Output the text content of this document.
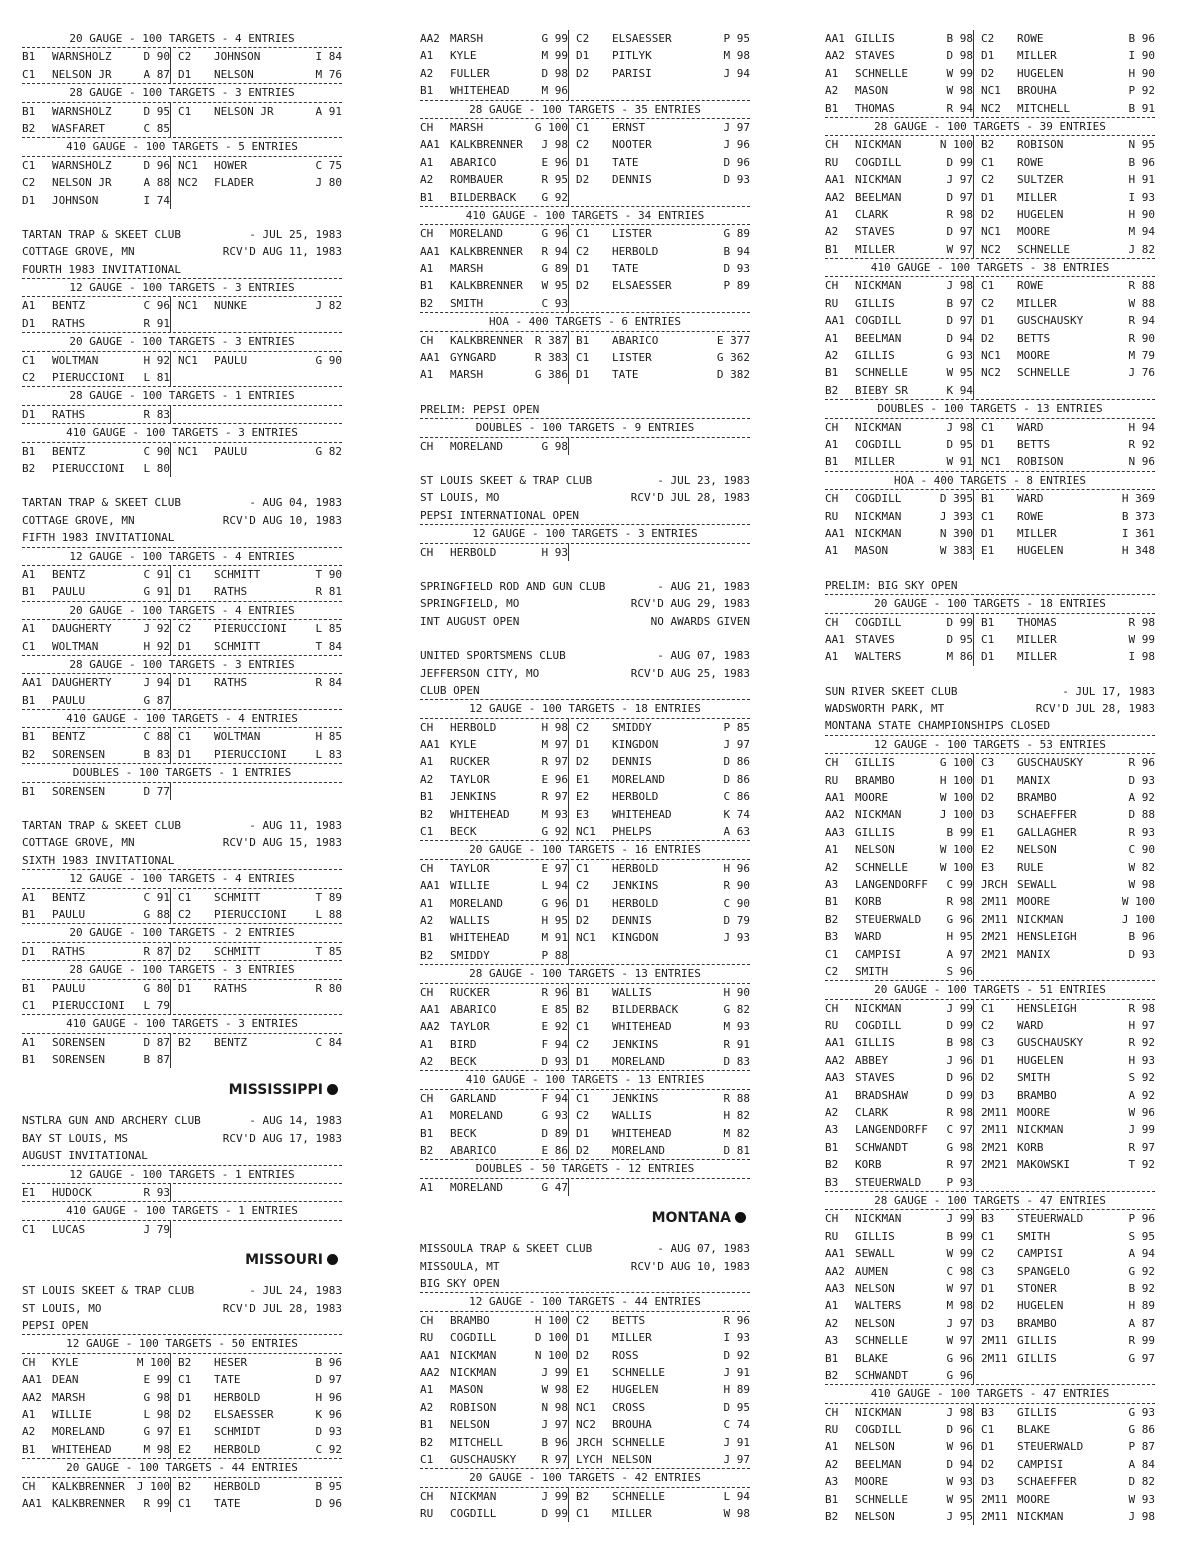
20 GAUGE - 100 TARGETS - 4 ENTRIES
B1 WARNSHOLZ	D 90 C2 JOHNSON	I 84
C1 NELSON JR	A 87 D1 NELSON	M 76
28 GAUGE - 100 TARGETS - 3 ENTRIES
B1 WARNSHOLZ	D 95 C1 NELSON JR	A 91
B2 WASFARET	C 85
410 GAUGE - 100 TARGETS - 5 ENTRIES
C1 WARNSHOLZ	D 96 NC1 HOWER	C 75
C2 NELSON JR	A 88 NC2 FLADER	J 80
D1 JOHNSON	I 74
TARTAN TRAP & SKEET CLUB	- JUL 25, 1983
COTTAGE GROVE, MN	RCV'D AUG 11, 1983
FOURTH 1983 INVITATIONAL
12 GAUGE - 100 TARGETS - 3 ENTRIES
A1 BENTZ	C 96 NC1 NUNKE	J 82
D1 RATHS	R 91
20 GAUGE - 100 TARGETS - 3 ENTRIES
C1 WOLTMAN	H 92 NC1 PAULU	G 90
C2 PIERUCCIONI L 81
28 GAUGE - 100 TARGETS - 1 ENTRIES
D1 RATHS	R 83
410 GAUGE - 100 TARGETS - 3 ENTRIES
B1 BENTZ	C 90 NC1 PAULU	G 82
B2 PIERUCCIONI L 80
TARTAN TRAP & SKEET CLUB	- AUG 04, 1983
COTTAGE GROVE, MN	RCV'D AUG 10, 1983
FIFTH 1983 INVITATIONAL
12 GAUGE - 100 TARGETS - 4 ENTRIES
A1 BENTZ	C 91 C1 SCHMITT	T 90
B1 PAULU	G 91 D1 RATHS	R 81
20 GAUGE - 100 TARGETS - 4 ENTRIES
A1 DAUGHERTY	J 92 C2 PIERUCCIONI	L 85
C1 WOLTMAN	H 92 D1 SCHMITT	T 84
28 GAUGE - 100 TARGETS - 3 ENTRIES
AA1 DAUGHERTY	J 94 D1 RATHS	R 84
B1 PAULU	G 87
410 GAUGE - 100 TARGETS - 4 ENTRIES
B1 BENTZ	C 88 C1 WOLTMAN	H 85
B2 SORENSEN	B 83 D1 PIERUCCIONI	L 83
DOUBLES - 100 TARGETS - 1 ENTRIES
B1 SORENSEN	D 77
TARTAN TRAP & SKEET CLUB	- AUG 11, 1983
COTTAGE GROVE, MN	RCV'D AUG 15, 1983
SIXTH 1983 INVITATIONAL
12 GAUGE - 100 TARGETS - 4 ENTRIES
A1 BENTZ	C 91 C1 SCHMITT	T 89
B1 PAULU	G 88 C2 PIERUCCIONI	L 88
20 GAUGE - 100 TARGETS - 2 ENTRIES
D1 RATHS	R 87 D2 SCHMITT	T 85
28 GAUGE - 100 TARGETS - 3 ENTRIES
B1 PAULU	G 80 D1 RATHS	R 80
C1 PIERUCCIONI L 79
410 GAUGE - 100 TARGETS - 3 ENTRIES
A1 SORENSEN	D 87 B2 BENTZ	C 84
B1 SORENSEN	B 87
MISSISSIPPI
NSTLRA GUN AND ARCHERY CLUB	- AUG 14, 1983
BAY ST LOUIS, MS	RCV'D AUG 17, 1983
AUGUST INVITATIONAL
12 GAUGE - 100 TARGETS - 1 ENTRIES
E1 HUDOCK	R 93
410 GAUGE - 100 TARGETS - 1 ENTRIES
C1 LUCAS	J 79
MISSOURI
ST LOUIS SKEET & TRAP CLUB	- JUL 24, 1983
ST LOUIS, MO	RCV'D JUL 28, 1983
PEPSI OPEN
12 GAUGE - 100 TARGETS - 50 ENTRIES
CH KYLE	M 100 B2 HESER	B 96
AA1 DEAN	E 99 C1 TATE	D 97
AA2 MARSH	G 98 D1 HERBOLD	H 96
A1 WILLIE	L 98 D2 ELSAESSER	K 96
A2 MORELAND	G 97 E1 SCHMIDT	D 93
B1 WHITEHEAD	M 98 E2 HERBOLD	C 92
20 GAUGE - 100 TARGETS - 44 ENTRIES
CH KALKBRENNER J 100 B2 HERBOLD	B 95
AA1 KALKBRENNER R 99 C1 TATE	D 96
AA2 MARSH	G 99 C2 ELSAESSER	P 95
A1 KYLE	M 99 D1 PITLYK	M 98
A2 FULLER	D 98 D2 PARISI	J 94
B1 WHITEHEAD	M 96
28 GAUGE - 100 TARGETS - 35 ENTRIES
CH MARSH	G 100 C1 ERNST	J 97
AA1 KALKBRENNER J 98 C2 NOOTER	J 96
A1 ABARICO	E 96 D1 TATE	D 96
A2 ROMBAUER	R 95 D2 DENNIS	D 93
B1 BILDERBACK G 92
410 GAUGE - 100 TARGETS - 34 ENTRIES
CH MORELAND	G 96 C1 LISTER	G 89
AA1 KALKBRENNER R 94 C2 HERBOLD	B 94
A1 MARSH	G 89 D1 TATE	D 93
B1 KALKBRENNER W 95 D2 ELSAESSER	P 89
B2 SMITH	C 93
HOA - 400 TARGETS - 6 ENTRIES
CH KALKBRENNER R 387 B1 ABARICO	E 377
AA1 GYNGARD	R 383 C1 LISTER	G 362
A1 MARSH	G 386 D1 TATE	D 382
PRELIM: PEPSI OPEN
DOUBLES - 100 TARGETS - 9 ENTRIES
CH MORELAND	G 98
ST LOUIS SKEET & TRAP CLUB	- JUL 23, 1983
ST LOUIS, MO	RCV'D JUL 28, 1983
PEPSI INTERNATIONAL OPEN
12 GAUGE - 100 TARGETS - 3 ENTRIES
CH HERBOLD	H 93
SPRINGFIELD ROD AND GUN CLUB	- AUG 21, 1983
SPRINGFIELD, MO	RCV'D AUG 29, 1983
INT AUGUST OPEN	NO AWARDS GIVEN
UNITED SPORTSMENS CLUB	- AUG 07, 1983
JEFFERSON CITY, MO	RCV'D AUG 25, 1983
CLUB OPEN
12 GAUGE - 100 TARGETS - 18 ENTRIES
CH HERBOLD	H 98 C2 SMIDDY	P 85
AA1 KYLE	M 97 D1 KINGDON	J 97
A1 RUCKER	R 97 D2 DENNIS	D 86
A2 TAYLOR	E 96 E1 MORELAND	D 86
B1 JENKINS	R 97 E2 HERBOLD	C 86
B2 WHITEHEAD	M 93 E3 WHITEHEAD	K 74
C1 BECK	G 92 NC1 PHELPS	A 63
20 GAUGE - 100 TARGETS - 16 ENTRIES
CH TAYLOR	E 97 C1 HERBOLD	H 96
AA1 WILLIE	L 94 C2 JENKINS	R 90
A1 MORELAND	G 96 D1 HERBOLD	C 90
A2 WALLIS	H 95 D2 DENNIS	D 79
B1 WHITEHEAD	M 91 NC1 KINGDON	J 93
B2 SMIDDY	P 88
28 GAUGE - 100 TARGETS - 13 ENTRIES
CH RUCKER	R 96 B1 WALLIS	H 90
AA1 ABARICO	E 85 B2 BILDERBACK	G 82
AA2 TAYLOR	E 92 C1 WHITEHEAD	M 93
A1 BIRD	F 94 C2 JENKINS	R 91
A2 BECK	D 93 D1 MORELAND	D 83
410 GAUGE - 100 TARGETS - 13 ENTRIES
CH GARLAND	F 94 C1 JENKINS	R 88
A1 MORELAND	G 93 C2 WALLIS	H 82
B1 BECK	D 89 D1 WHITEHEAD	M 82
B2 ABARICO	E 86 D2 MORELAND	D 81
DOUBLES - 50 TARGETS - 12 ENTRIES
A1 MORELAND	G 47
MONTANA
MISSOULA TRAP & SKEET CLUB	- AUG 07, 1983
MISSOULA, MT	RCV'D AUG 10, 1983
BIG SKY OPEN
12 GAUGE - 100 TARGETS - 44 ENTRIES
CH BRAMBO	H 100 C2 BETTS	R 96
RU COGDILL	D 100 D1 MILLER	I 93
AA1 NICKMAN	N 100 D2 ROSS	D 92
AA2 NICKMAN	J 99 E1 SCHNELLE	J 91
A1 MASON	W 98 E2 HUGELEN	H 89
A2 ROBISON	N 98 NC1 CROSS	D 95
B1 NELSON	J 97 NC2 BROUHA	C 74
B2 MITCHELL	B 96 JRCH SCHNELLE	J 91
C1 GUSCHAUSKY R 97 LYCH NELSON	J 97
20 GAUGE - 100 TARGETS - 42 ENTRIES
CH NICKMAN	J 99 B2 SCHNELLE	L 94
RU COGDILL	D 99 C1 MILLER	W 98
AA1 GILLIS	B 98 C2 ROWE	B 96
AA2 STAVES	D 98 D1 MILLER	I 90
A1 SCHNELLE	W 99 D2 HUGELEN	H 90
A2 MASON	W 98 NC1 BROUHA	P 92
B1 THOMAS	R 94 NC2 MITCHELL	B 91
28 GAUGE - 100 TARGETS - 39 ENTRIES
CH NICKMAN	N 100 B2 ROBISON	N 95
RU COGDILL	D 99 C1 ROWE	B 96
AA1 NICKMAN	J 97 C2 SULTZER	H 91
AA2 BEELMAN	D 97 D1 MILLER	I 93
A1 CLARK	R 98 D2 HUGELEN	H 90
A2 STAVES	D 97 NC1 MOORE	M 94
B1 MILLER	W 97 NC2 SCHNELLE	J 82
410 GAUGE - 100 TARGETS - 38 ENTRIES
CH NICKMAN	J 98 C1 ROWE	R 88
RU GILLIS	B 97 C2 MILLER	W 88
AA1 COGDILL	D 97 D1 GUSCHAUSKY	R 94
A1 BEELMAN	D 94 D2 BETTS	R 90
A2 GILLIS	G 93 NC1 MOORE	M 79
B1 SCHNELLE	W 95 NC2 SCHNELLE	J 76
B2 BIEBY SR	K 94
DOUBLES - 100 TARGETS - 13 ENTRIES
CH NICKMAN	J 98 C1 WARD	H 94
A1 COGDILL	D 95 D1 BETTS	R 92
B1 MILLER	W 91 NC1 ROBISON	N 96
HOA - 400 TARGETS - 8 ENTRIES
CH COGDILL	D 395 B1 WARD	H 369
RU NICKMAN	J 393 C1 ROWE	B 373
AA1 NICKMAN	N 390 D1 MILLER	I 361
A1 MASON	W 383 E1 HUGELEN	H 348
PRELIM: BIG SKY OPEN
20 GAUGE - 100 TARGETS - 18 ENTRIES
CH COGDILL	D 99 B1 THOMAS	R 98
AA1 STAVES	D 95 C1 MILLER	W 99
A1 WALTERS	M 86 D1 MILLER	I 98
SUN RIVER SKEET CLUB	- JUL 17, 1983
WADSWORTH PARK, MT	RCV'D JUL 28, 1983
MONTANA STATE CHAMPIONSHIPS CLOSED
12 GAUGE - 100 TARGETS - 53 ENTRIES
CH GILLIS	G 100 C3 GUSCHAUSKY	R 96
RU BRAMBO	H 100 D1 MANIX	D 93
AA1 MOORE	W 100 D2 BRAMBO	A 92
AA2 NICKMAN	J 100 D3 SCHAEFFER	D 88
AA3 GILLIS	B 99 E1 GALLAGHER	R 93
A1 NELSON	W 100 E2 NELSON	C 90
A2 SCHNELLE	W 100 E3 RULE	W 82
A3 LANGENDORFF C 99 JRCH SEWALL	W 98
B1 KORB	R 98 2M11 MOORE	W 100
B2 STEUERWALD G 96 2M11 NICKMAN	J 100
B3 WARD	H 95 2M21 HENSLEIGH	B 96
C1 CAMPISI	A 97 2M21 MANIX	D 93
C2 SMITH	S 96
20 GAUGE - 100 TARGETS - 51 ENTRIES
CH NICKMAN	J 99 C1 HENSLEIGH	R 98
RU COGDILL	D 99 C2 WARD	H 97
AA1 GILLIS	B 98 C3 GUSCHAUSKY	R 92
AA2 ABBEY	J 96 D1 HUGELEN	H 93
AA3 STAVES	D 96 D2 SMITH	S 92
A1 BRADSHAW	D 99 D3 BRAMBO	A 92
A2 CLARK	R 98 2M11 MOORE	W 96
A3 LANGENDORFF C 97 2M11 NICKMAN	J 99
B1 SCHWANDT	G 98 2M21 KORB	R 97
B2 KORB	R 97 2M21 MAKOWSKI	T 92
B3 STEUERWALD P 93
28 GAUGE - 100 TARGETS - 47 ENTRIES
CH NICKMAN	J 99 B3 STEUERWALD	P 96
RU GILLIS	B 99 C1 SMITH	S 95
AA1 SEWALL	W 99 C2 CAMPISI	A 94
AA2 AUMEN	C 98 C3 SPANGELO	G 92
AA3 NELSON	W 97 D1 STONER	B 92
A1 WALTERS	M 98 D2 HUGELEN	H 89
A2 NELSON	J 97 D3 BRAMBO	A 87
A3 SCHNELLE	W 97 2M11 GILLIS	R 99
B1 BLAKE	G 96 2M11 GILLIS	G 97
B2 SCHWANDT	G 96
410 GAUGE - 100 TARGETS - 47 ENTRIES
CH NICKMAN	J 98 B3 GILLIS	G 93
RU COGDILL	D 96 C1 BLAKE	G 86
A1 NELSON	W 96 D1 STEUERWALD	P 87
A2 BEELMAN	D 94 D2 CAMPISI	A 84
A3 MOORE	W 93 D3 SCHAEFFER	D 82
B1 SCHNELLE	W 95 2M11 MOORE	W 93
B2 NELSON	J 95 2M11 NICKMAN	J 98
